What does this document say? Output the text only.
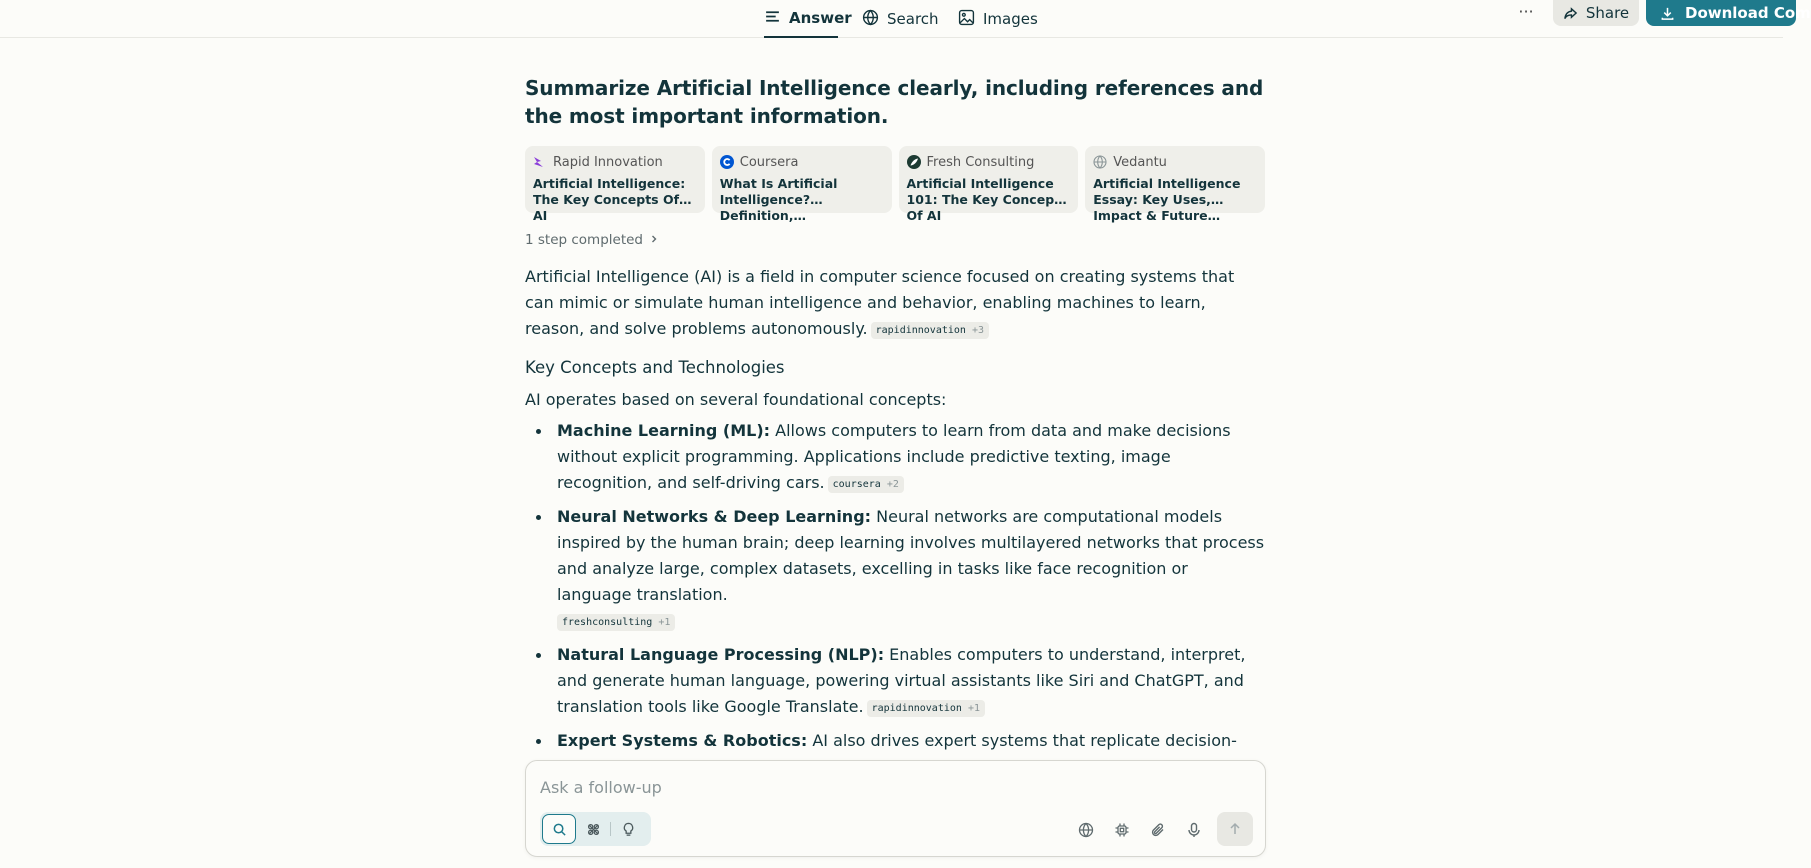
Answer Search	Images	···	Share	Download Com
Summarize Artificial Intelligence clearly, including references and the most important information.
Rapid Innovation
Artificial Intelligence: The Key Concepts Of AI
Coursera
What Is Artificial Intelligence? Definition,…
Fresh Consulting
Artificial Intelligence 101: The Key Concepts Of AI
Vedantu
Artificial Intelligence Essay: Key Uses, Impact & Future…
1 step completed

Artificial Intelligence (AI) is a field in computer science focused on creating systems that can mimic or simulate human intelligence and behavior, enabling machines to learn, reason, and solve problems autonomously. rapidinnovation +3

Key Concepts and Technologies

AI operates based on several foundational concepts:

Machine Learning (ML): Allows computers to learn from data and make decisions without explicit programming. Applications include predictive texting, image recognition, and self-driving cars. coursera +2
Neural Networks & Deep Learning: Neural networks are computational models inspired by the human brain; deep learning involves multilayered networks that process and analyze large, complex datasets, excelling in tasks like face recognition or language translation.
freshconsulting +1
Natural Language Processing (NLP): Enables computers to understand, interpret, and generate human language, powering virtual assistants like Siri and ChatGPT, and translation tools like Google Translate. rapidinnovation +1
Expert Systems & Robotics: AI also drives expert systems that replicate decision-
Ask a follow-up
